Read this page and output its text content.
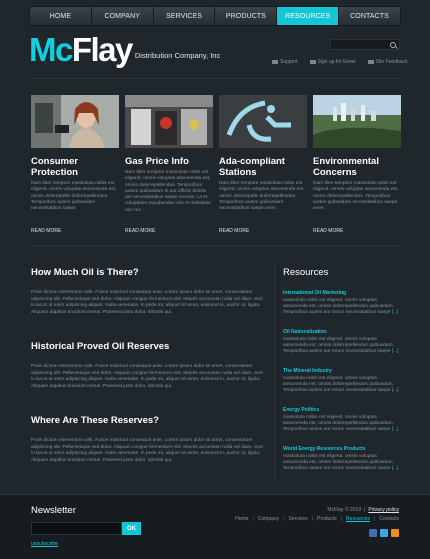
HOME	COMPANY	SERVICES	PRODUCTS	RESOURCES	CONTACTS
Mc Flay Distribution Company, Inc
Support	Sign up for Email	Site Feedback
Consumer
Protection
Nam liber tempore massoluta nobis est eligend. omnis voluptas assumenda est, omnis dolorrepelle dolorrepellendus. Temporibus autem quibusdam necessitatibus saepe
READ MORE
Gas Price Info
Nam liber tempore massoluta nobis est eligend. omnis voluptas assumenda est, omnis dolorrepellendus. Temporibus autem quibusdam et aut officiis debitis aut necessitatibus saepe eveniet. Ut et voluptates repudiandae sint et molestiae non rec
READ MORE
Ada-compliant
Stations
Nam liber tempore massoluta nobis est eligend. omnis voluptas assumenda est, omnis dolorrepelle dolorrepellendus. Temporibus autem quibusdam necessitatibus saepe even.
READ MORE
Environmental
Concerns
Nam liber tempore massoluta nobis est eligend. omnis voluptas assumenda est, omnis dolorrepellendus. Temporibus autem quibusdam necessitatibus saepe even.
READ MORE
How Much Oil is There?
Proin dictum elementum velit. Fusce euismod consequat ante. Lorem ipsum dolor sit amet, consectetuer adipiscing elit. Pellentesque sed dolor. Aliquam congue fermentum nisl. Mauris accumsan nulla vel diam. Sed in lacus ut enim adipiscing aliquet. Nulla venenatis. In pede mi, aliquet sit amet, euismod in, auctor ut, ligula. Aliquam dapibus tincidunt metus. Praesent justo dolor, lobortis qui.
Historical Proved Oil Reserves
Proin dictum elementum velit. Fusce euismod consequat ante. Lorem ipsum dolor sit amet, consectetuer adipiscing elit. Pellentesque sed dolor. Aliquam congue fermentum nisl. Mauris accumsan nulla vel diam. Sed in lacus ut enim adipiscing aliquet. Nulla venenatis. In pede mi, aliquet sit amet, euismod in, auctor ut, ligula. Aliquam dapibus tincidunt metus. Praesent justo dolor, lobortis qui.
Where Are These Reserves?
Proin dictum elementum velit. Fusce euismod consequat ante. Lorem ipsum dolor sit amet, consectetuer adipiscing elit. Pellentesque sed dolor. Aliquam congue fermentum nisl. Mauris accumsan nulla vel diam. Sed in lacus ut enim adipiscing aliquet. Nulla venenatis. In pede mi, aliquet sit amet, euismod in, auctor ut, ligula. Aliquam dapibus tincidunt metus. Praesent justo dolor, lobortis qui.
Resources
International Oil Marketing
massoluta nobis est eligend. omnis voluptas assumenda est, omnis dolorrepellendus quibusdam. Temporibus autem aut rerum necessitatibus saepe [...]
Oil Nationalization
massoluta nobis est eligend. omnis voluptas assumenda est, omnis dolorrepellendus quibusdam. Temporibus autem aut rerum necessitatibus saepe [...]
The Mineral Industry
massoluta nobis est eligend. omnis voluptas assumenda est, omnis dolorrepellendus quibusdam. Temporibus autem aut rerum necessitatibus saepe [...]
Energy Politics
massoluta nobis est eligend. omnis voluptas assumenda est, omnis dolorrepellendus quibusdam. Temporibus autem aut rerum necessitatibus saepe [...]
World Energy Resources Products
massoluta nobis est eligend. omnis voluptas assumenda est, omnis dolorrepellendus quibusdam. Temporibus autem aut rerum necessitatibus saepe [...]
Newsletter
OK
unsubscribe
McFlay © 2010 | Privacy policy
Home | Company | Services | Products | Resources | Contacts
